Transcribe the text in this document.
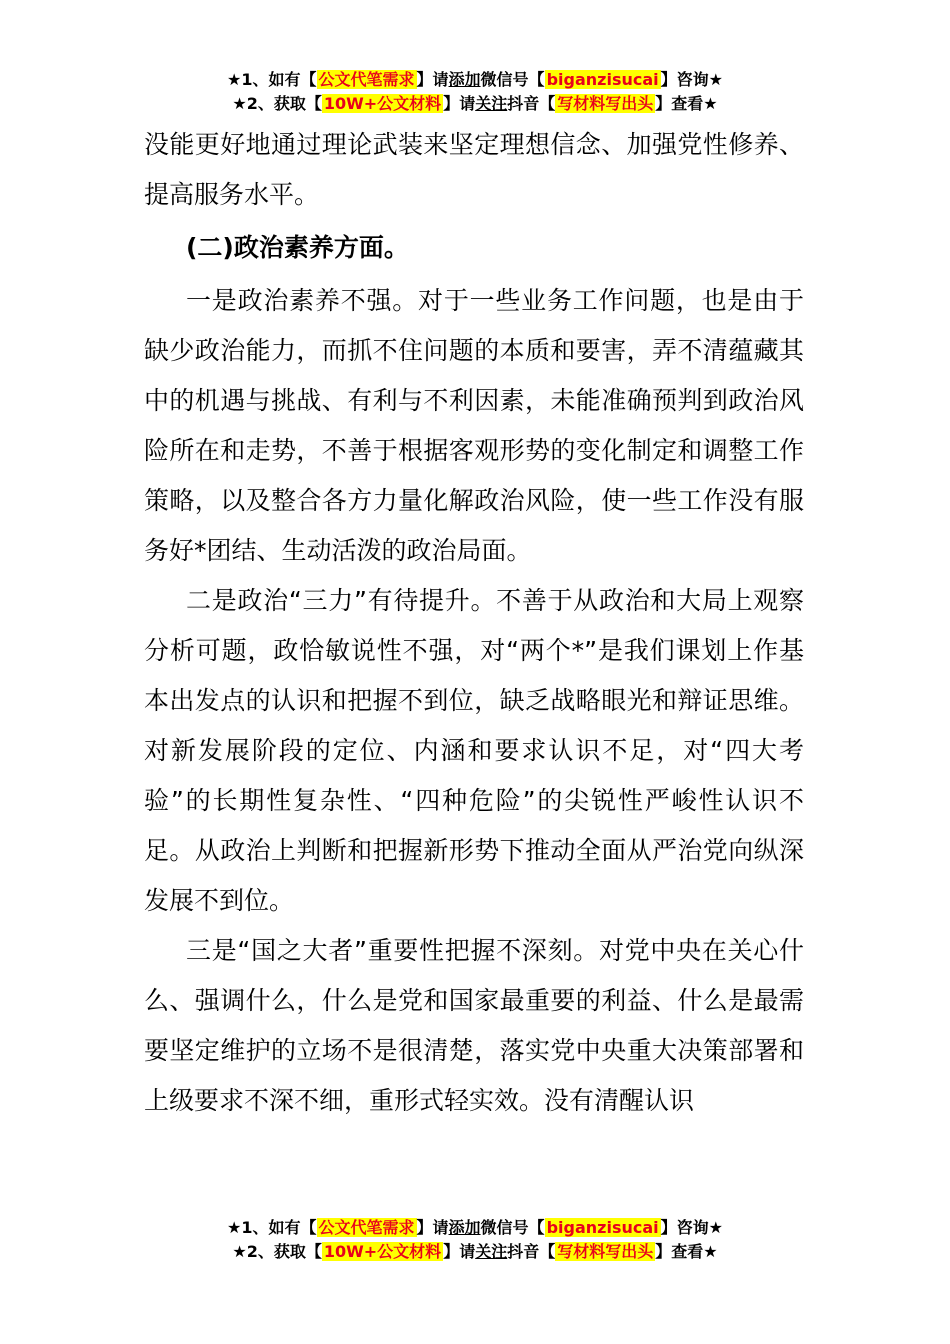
★1、如有【 公文代笔需求 】请添加微信号【 biganzisucai 】咨询★
★2、获取【 10W+公文材料 】请关注抖音【 写材料写出头 】查看★

没能更好地通过理论武装来坚定理想信念、加强党性修养、提高服务水平。

(二)政治素养方面。

一是政治素养不强。对于一些业务工作问题，也是由于缺少政治能力，而抓不住问题的本质和要害，弄不清蕴藏其中的机遇与挑战、有利与不利因素，未能准确预判到政治风险所在和走势，不善于根据客观形势的变化制定和调整工作策略，以及整合各方力量化解政治风险，使一些工作没有服务好*团结、生动活泼的政治局面。

二是政治“三力”有待提升。不善于从政治和大局上观察分析可题，政恰敏说性不强，对“两个*”是我们课划上作基本出发点的认识和把握不到位，缺乏战略眼光和辩证思维。对新发展阶段的定位、内涵和要求认识不足，对“四大考验”的长期性复杂性、“四种危险”的尖锐性严峻性认识不足。从政治上判断和把握新形势下推动全面从严治党向纵深发展不到位。

三是“国之大者”重要性把握不深刻。对党中央在关心什么、强调什么，什么是党和国家最重要的利益、什么是最需要坚定维护的立场不是很清楚，落实党中央重大决策部署和上级要求不深不细，重形式轻实效。没有清醒认识

★1、如有【 公文代笔需求 】请添加微信号【 biganzisucai 】咨询★
★2、获取【 10W+公文材料 】请关注抖音【 写材料写出头 】查看★
